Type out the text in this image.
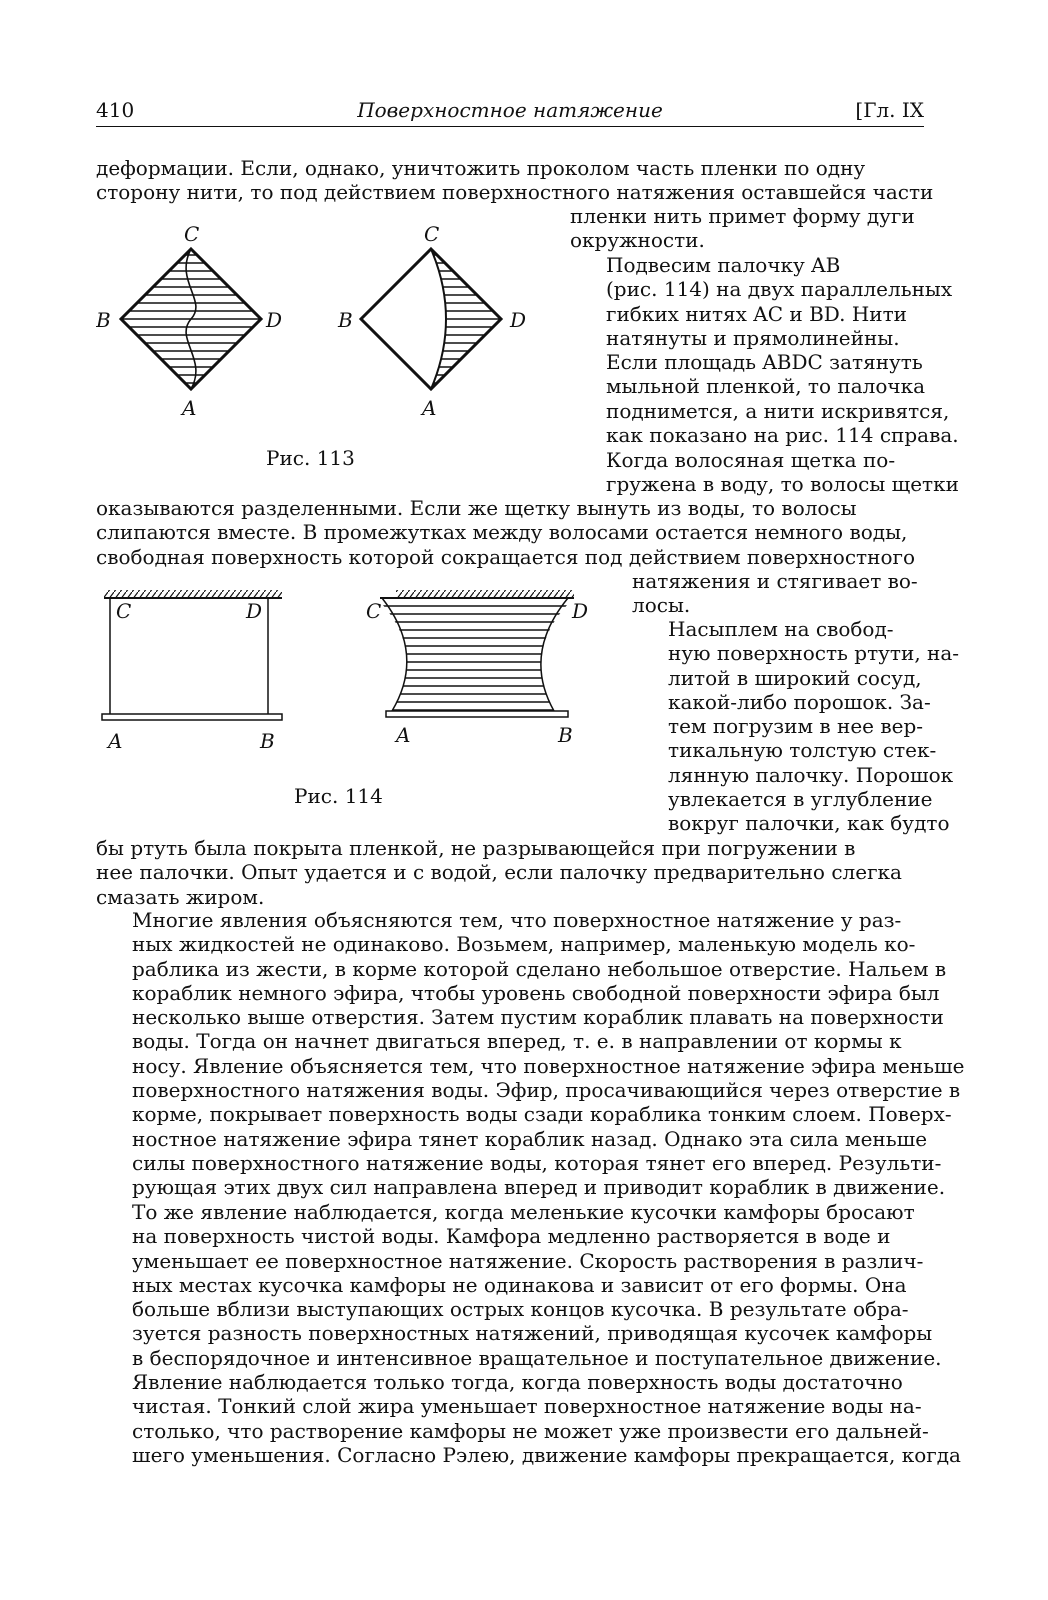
410	Поверхностное натяжение	[Гл. IX
деформации. Если, однако, уничтожить проколом часть пленки по одну
сторону нити, то под действием поверхностного натяжения оставшейся части
пленки нить примет форму дуги
окружности.
Подвесим палочку AB
(рис. 114) на двух параллельных
гибких нитях AC и BD. Нити
натянуты и прямолинейны.
Если площадь ABDC затянуть
мыльной пленкой, то палочка
поднимется, а нити искривятся,
как показано на рис. 114 справа.
Когда волосяная щетка по-
гружена в воду, то волосы щетки
оказываются разделенными. Если же щетку вынуть из воды, то волосы
слипаются вместе. В промежутках между волосами остается немного воды,
свободная поверхность которой сокращается под действием поверхностного
натяжения и стягивает во-
лосы.
Насыплем на свобод-
ную поверхность ртути, на-
литой в широкий сосуд,
какой-либо порошок. За-
тем погрузим в нее вер-
тикальную толстую стек-
лянную палочку. Порошок
увлекается в углубление
вокруг палочки, как будто
бы ртуть была покрыта пленкой, не разрывающейся при погружении в
нее палочки. Опыт удается и с водой, если палочку предварительно слегка
смазать жиром.
Многие явления объясняются тем, что поверхностное натяжение у раз-
ных жидкостей не одинаково. Возьмем, например, маленькую модель ко-
раблика из жести, в корме которой сделано небольшое отверстие. Нальем в
кораблик немного эфира, чтобы уровень свободной поверхности эфира был
несколько выше отверстия. Затем пустим кораблик плавать на поверхности
воды. Тогда он начнет двигаться вперед, т. е. в направлении от кормы к
носу. Явление объясняется тем, что поверхностное натяжение эфира меньше
поверхностного натяжения воды. Эфир, просачивающийся через отверстие в
корме, покрывает поверхность воды сзади кораблика тонким слоем. Поверх-
ностное натяжение эфира тянет кораблик назад. Однако эта сила меньше
силы поверхностного натяжение воды, которая тянет его вперед. Результи-
рующая этих двух сил направлена вперед и приводит кораблик в движение.
То же явление наблюдается, когда меленькие кусочки камфоры бросают
на поверхность чистой воды. Камфора медленно растворяется в воде и
уменьшает ее поверхностное натяжение. Скорость растворения в различ-
ных местах кусочка камфоры не одинакова и зависит от его формы. Она
больше вблизи выступающих острых концов кусочка. В результате обра-
зуется разность поверхностных натяжений, приводящая кусочек камфоры
в беспорядочное и интенсивное вращательное и поступательное движение.
Явление наблюдается только тогда, когда поверхность воды достаточно
чистая. Тонкий слой жира уменьшает поверхностное натяжение воды на-
столько, что растворение камфоры не может уже произвести его дальней-
шего уменьшения. Согласно Рэлею, движение камфоры прекращается, когда
C
B	D
A
C
B	D
A
Рис. 113
C	D
A	B
C	D
A	B
Рис. 114
